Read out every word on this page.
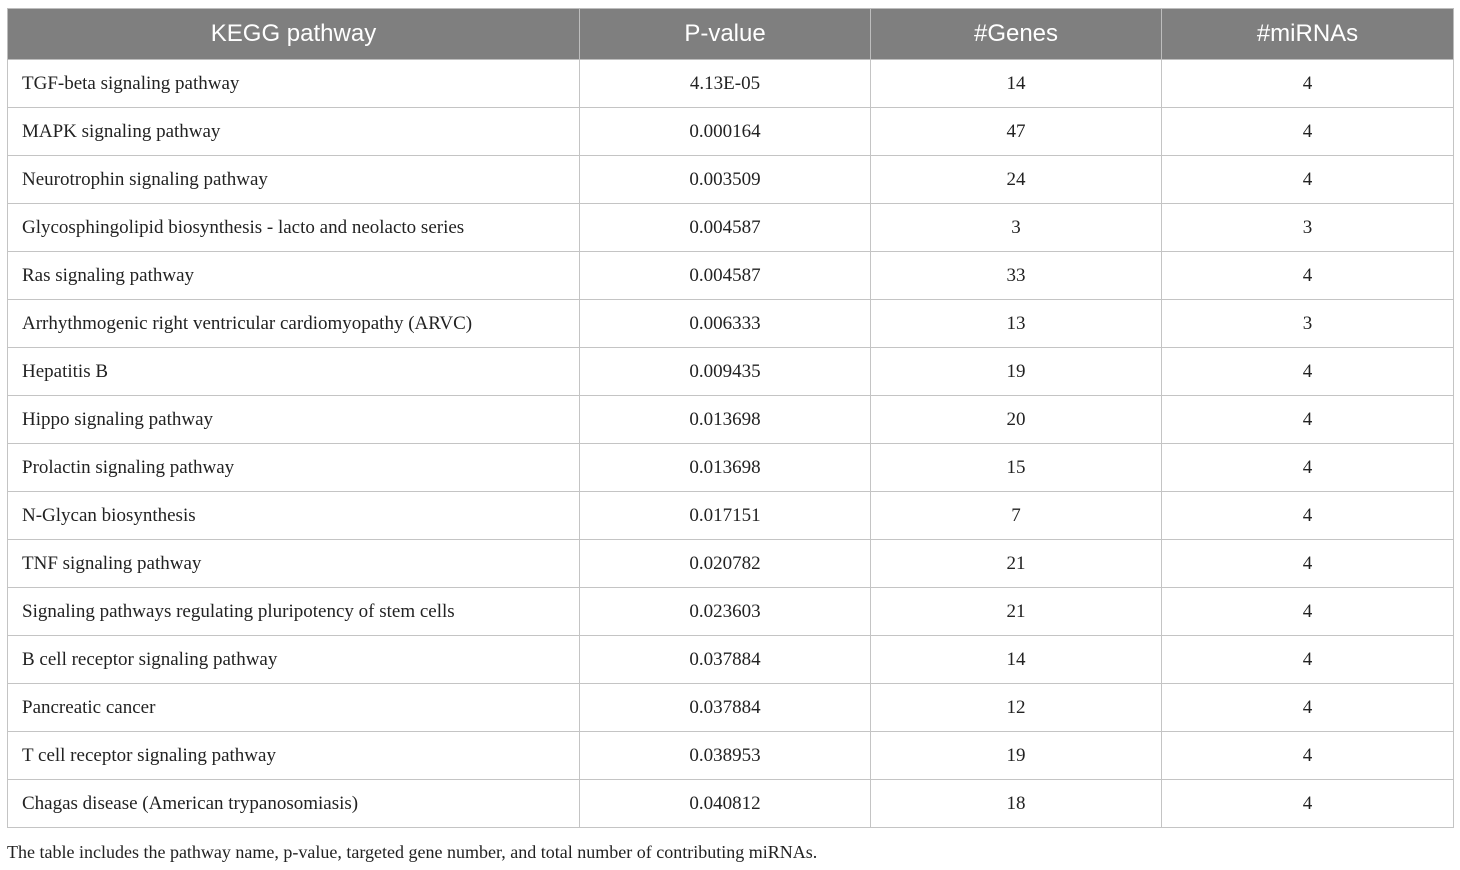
KEGG pathway	P-value	#Genes	#miRNAs
TGF-beta signaling pathway	4.13E-05	14	4
MAPK signaling pathway	0.000164	47	4
Neurotrophin signaling pathway	0.003509	24	4
Glycosphingolipid biosynthesis - lacto and neolacto series	0.004587	3	3
Ras signaling pathway	0.004587	33	4
Arrhythmogenic right ventricular cardiomyopathy (ARVC)	0.006333	13	3
Hepatitis B	0.009435	19	4
Hippo signaling pathway	0.013698	20	4
Prolactin signaling pathway	0.013698	15	4
N-Glycan biosynthesis	0.017151	7	4
TNF signaling pathway	0.020782	21	4
Signaling pathways regulating pluripotency of stem cells	0.023603	21	4
B cell receptor signaling pathway	0.037884	14	4
Pancreatic cancer	0.037884	12	4
T cell receptor signaling pathway	0.038953	19	4
Chagas disease (American trypanosomiasis)	0.040812	18	4
The table includes the pathway name, p-value, targeted gene number, and total number of contributing miRNAs.
